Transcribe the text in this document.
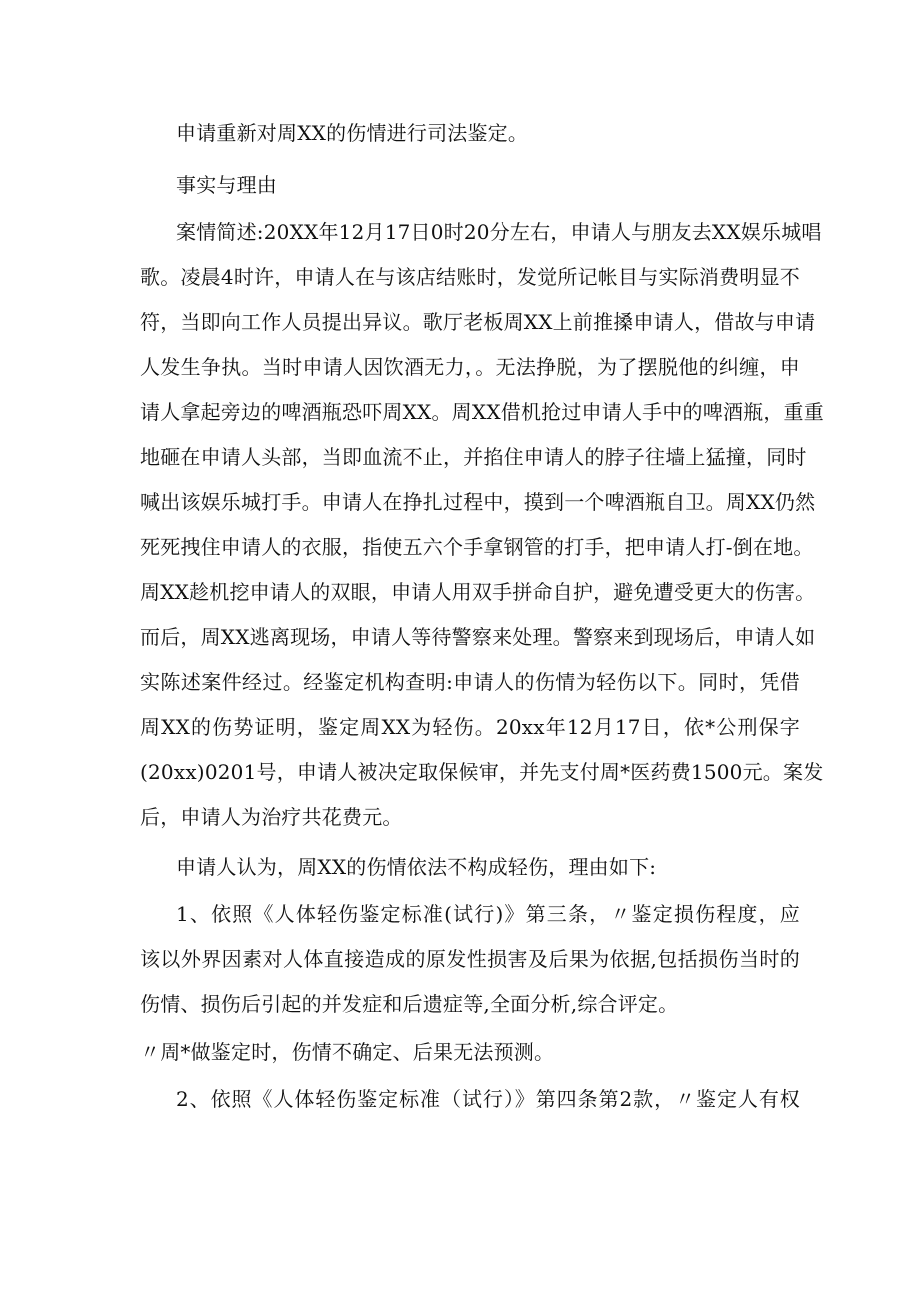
申请重新对周XX的伤情进行司法鉴定。
事实与理由
案情简述:20XX年12月17日0时20分左右，申请人与朋友去XX娱乐城唱
歌。凌晨4时许，申请人在与该店结账时，发觉所记帐目与实际消费明显不
符，当即向工作人员提出异议。歌厅老板周XX上前推搡申请人，借故与申请
人发生争执。当时申请人因饮酒无力，。无法挣脱，为了摆脱他的纠缠，申
请人拿起旁边的啤酒瓶恐吓周XX。周XX借机抢过申请人手中的啤酒瓶，重重
地砸在申请人头部，当即血流不止，并掐住申请人的脖子往墙上猛撞，同时
喊出该娱乐城打手。申请人在挣扎过程中，摸到一个啤酒瓶自卫。周XX仍然
死死拽住申请人的衣服，指使五六个手拿钢管的打手，把申请人打-倒在地。
周XX趁机挖申请人的双眼，申请人用双手拼命自护，避免遭受更大的伤害。
而后，周XX逃离现场，申请人等待警察来处理。警察来到现场后，申请人如
实陈述案件经过。经鉴定机构查明:申请人的伤情为轻伤以下。同时，凭借
周XX的伤势证明，鉴定周XX为轻伤。20xx年12月17日，依*公刑保字
(20xx)0201号，申请人被决定取保候审，并先支付周*医药费1500元。案发
后，申请人为治疗共花费元。
申请人认为，周XX的伤情依法不构成轻伤，理由如下:
1、依照《人体轻伤鉴定标准(试行)》第三条，〃鉴定损伤程度，应
该以外界因素对人体直接造成的原发性损害及后果为依据,包括损伤当时的
伤情、损伤后引起的并发症和后遗症等,全面分析,综合评定。
〃周*做鉴定时，伤情不确定、后果无法预测。
2、依照《人体轻伤鉴定标准（试行）》第四条第2款，〃鉴定人有权
